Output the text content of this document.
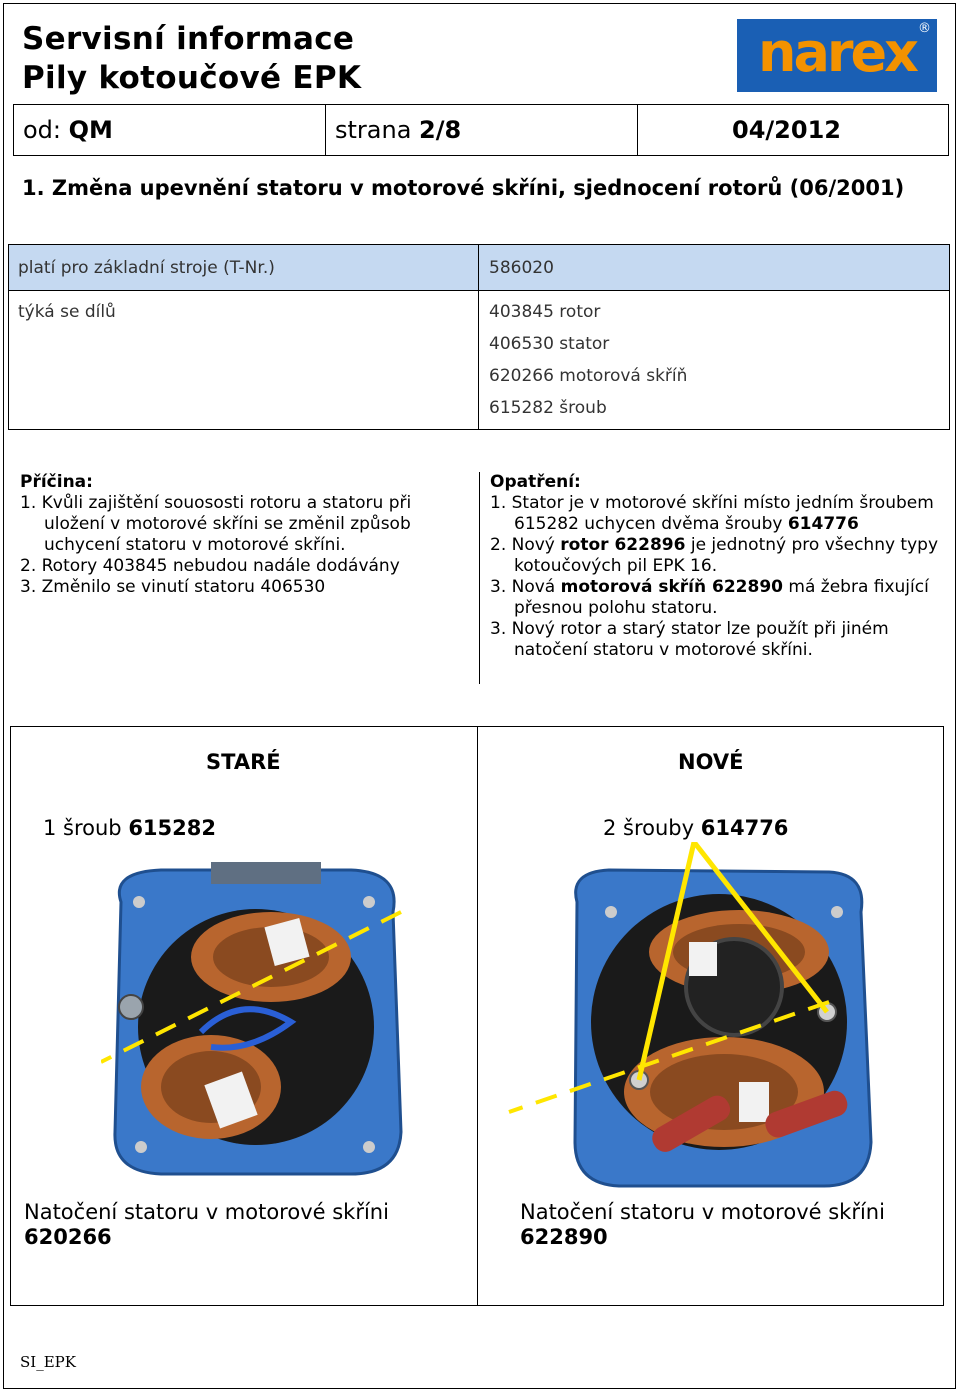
Servisní informace
Pily kotoučové EPK	narex ®
od: QM	strana 2/8	04/2012
1. Změna upevnění statoru v motorové skříni, sjednocení rotorů (06/2001)
platí pro základní stroje (T-Nr.)	586020
týká se dílů	403845 rotor
406530 stator
620266 motorová skříň
615282 šroub
Příčina:
1. Kvůli zajištění souososti rotoru a statoru při uložení v motorové skříni se změnil způsob uchycení statoru v motorové skříni.
2. Rotory 403845 nebudou nadále dodávány
3. Změnilo se vinutí statoru 406530
Opatření:
1. Stator je v motorové skříni místo jedním šroubem 615282 uchycen dvěma šrouby 614776
2. Nový rotor 622896 je jednotný pro všechny typy kotoučových pil EPK 16.
3. Nová motorová skříň 622890 má žebra fixující přesnou polohu statoru.
3. Nový rotor a starý stator lze použít při jiném natočení statoru v motorové skříni.
STARÉ
1 šroub 615282
Natočení statoru v motorové skříni
620266
NOVÉ
2 šrouby 614776
Natočení statoru v motorové skříni
622890
SI_EPK
